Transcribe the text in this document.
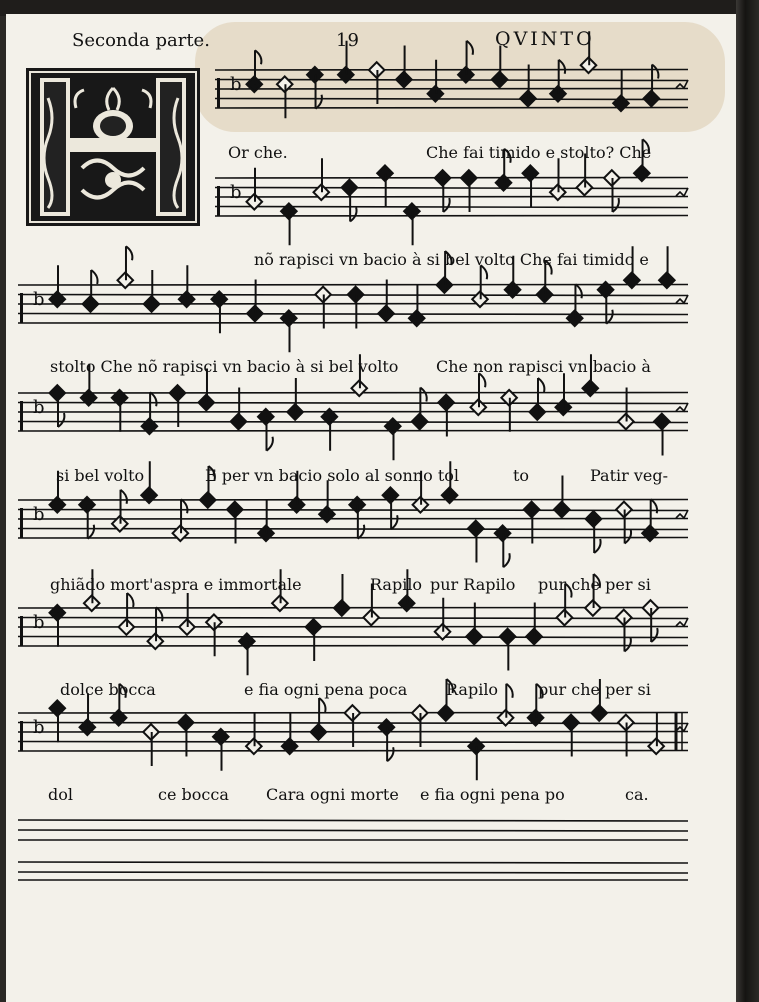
Seconda parte.	19	QVINTO
b
b
b
b
b
b
b
Or che.	Che fai timido e stolto? Che
nõ rapisci vn bacio à si bel volto Che fai timido e
stolto Che nõ rapisci vn bacio à si bel volto Che non rapisci vn bacio à
si bel volto	E per vn bacio solo al sonno tol	to	Patir veg-
ghiãdo mort'aspra e immortale	Rapilo pur Rapilo pur che per si
dolce bocca	e fia ogni pena poca Rapilo pur che per si
dol	ce bocca Cara ogni morte e fia ogni pena po	ca.
